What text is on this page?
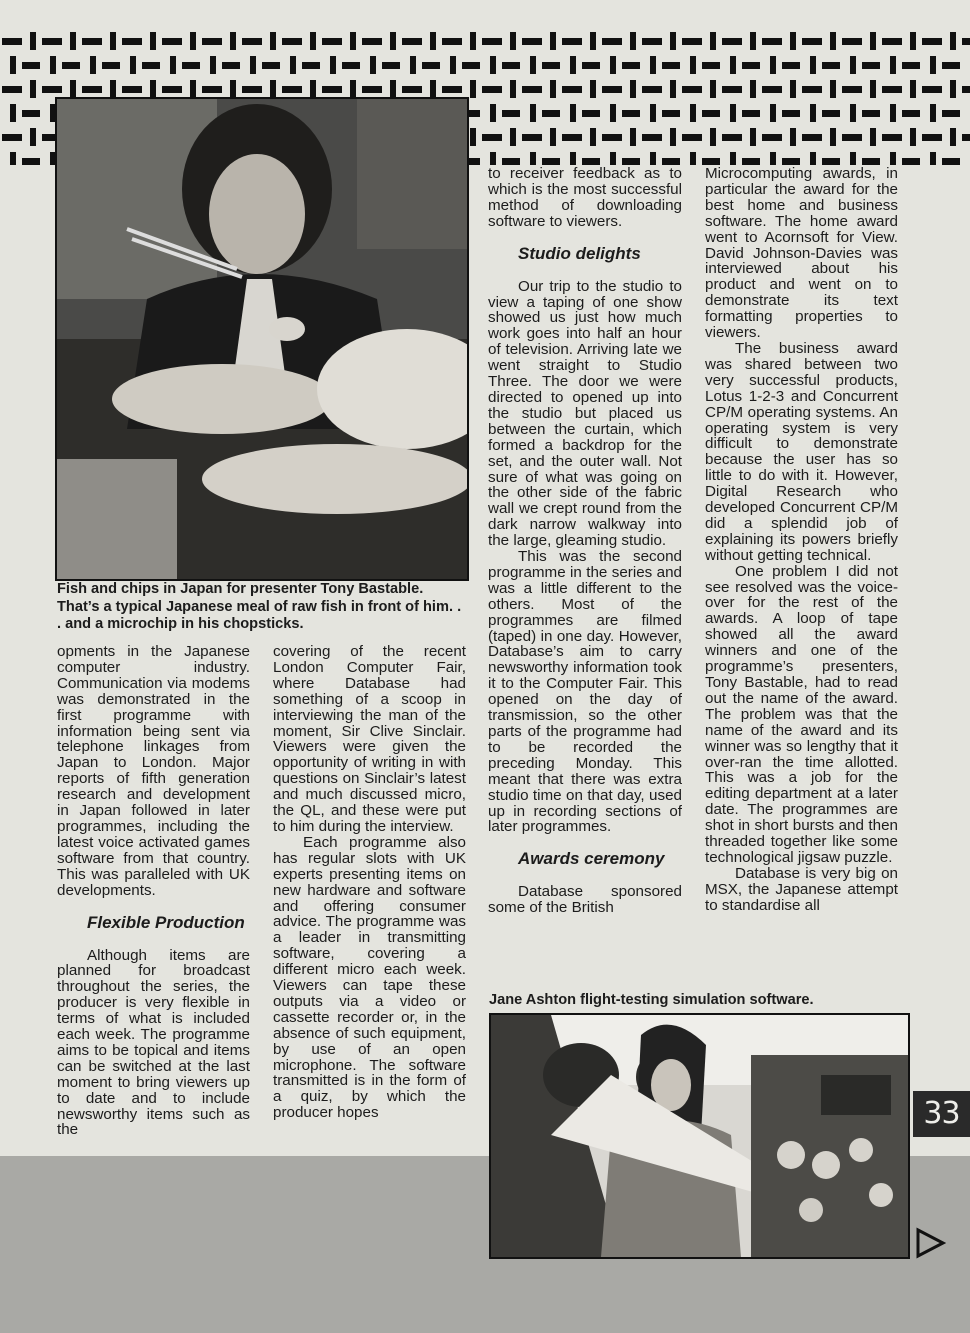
Fish and chips in Japan for presenter Tony Bastable. That’s a typical Japanese meal of raw fish in front of him. . . and a microchip in his chopsticks.

opments in the Japanese computer industry. Communication via modems was demonstrated in the first programme with information being sent via telephone linkages from Japan to London. Major reports of fifth generation research and development in Japan followed in later programmes, including the latest voice activated games software from that country. This was paralleled with UK developments.

Flexible Production

Although items are planned for broadcast throughout the series, the producer is very flexible in terms of what is included each week. The programme aims to be topical and items can be switched at the last moment to bring viewers up to date and to include newsworthy items such as the

covering of the recent London Computer Fair, where Database had something of a scoop in interviewing the man of the moment, Sir Clive Sinclair. Viewers were given the opportunity of writing in with questions on Sinclair’s latest and much discussed micro, the QL, and these were put to him during the interview.

Each programme also has regular slots with UK experts presenting items on new hardware and software and offering consumer advice. The programme was a leader in transmitting software, covering a different micro each week. Viewers can tape these outputs via a video or cassette recorder or, in the absence of such equipment, by use of an open microphone. The software transmitted is in the form of a quiz, by which the producer hopes

to receiver feedback as to which is the most successful method of downloading software to viewers.

Studio delights

Our trip to the studio to view a taping of one show showed us just how much work goes into half an hour of television. Arriving late we went straight to Studio Three. The door we were directed to opened up into the studio but placed us between the curtain, which formed a backdrop for the set, and the outer wall. Not sure of what was going on the other side of the fabric wall we crept round from the dark narrow walkway into the large, gleaming studio.

This was the second programme in the series and was a little different to the others. Most of the programmes are filmed (taped) in one day. However, Database’s aim to carry newsworthy information took it to the Computer Fair. This opened on the day of transmission, so the other parts of the programme had to be recorded the preceding Monday. This meant that there was extra studio time on that day, used up in recording sections of later programmes.

Awards ceremony

Database sponsored some of the British

Microcomputing awards, in particular the award for the best home and business software. The home award went to Acornsoft for View. David Johnson-Davies was interviewed about his product and went on to demonstrate its text formatting properties to viewers.

The business award was shared between two very successful products, Lotus 1-2-3 and Concurrent CP/M operating systems. An operating system is very difficult to demonstrate because the user has so little to do with it. However, Digital Research who developed Concurrent CP/M did a splendid job of explaining its powers briefly without getting technical.

One problem I did not see resolved was the voice-over for the rest of the awards. A loop of tape showed all the award winners and one of the programme’s presenters, Tony Bastable, had to read out the name of the award. The problem was that the name of the award and its winner was so lengthy that it over-ran the time allotted. This was a job for the editing department at a later date. The programmes are shot in short bursts and then threaded together like some technological jigsaw puzzle.

Database is very big on MSX, the Japanese attempt to standardise all

Jane Ashton flight-testing simulation software.

33
